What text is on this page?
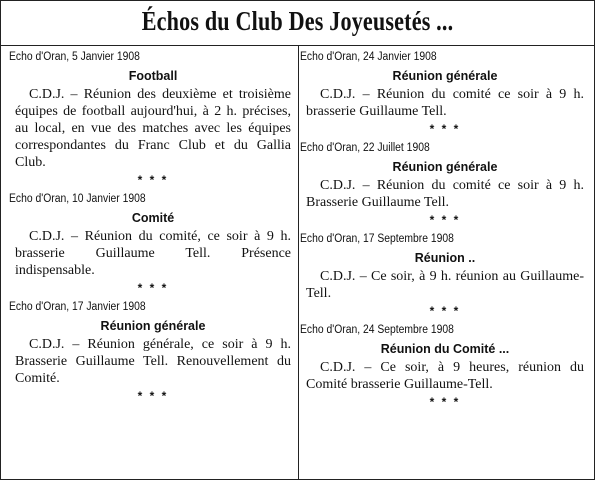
Échos du Club Des Joyeusetés ...
Echo d'Oran, 5 Janvier 1908
Football
C.D.J. – Réunion des deuxième et troisième équipes de football aujourd'hui, à 2 h. précises, au local, en vue des matches avec les équipes correspondantes du Franc Club et du Gallia Club.
* * *
Echo d'Oran, 10 Janvier 1908
Comité
C.D.J. – Réunion du comité, ce soir à 9 h. brasserie Guillaume Tell. Présence indispensable.
* * *
Echo d'Oran, 17 Janvier 1908
Réunion générale
C.D.J. – Réunion générale, ce soir à 9 h. Brasserie Guillaume Tell. Renouvellement du Comité.
* * *
Echo d'Oran, 24 Janvier 1908
Réunion générale
C.D.J. – Réunion du comité ce soir à 9 h. brasserie Guillaume Tell.
* * *
Echo d'Oran, 22 Juillet 1908
Réunion générale
C.D.J. – Réunion du comité ce soir à 9 h. Brasserie Guillaume Tell.
* * *
Echo d'Oran, 17 Septembre 1908
Réunion ..
C.D.J. – Ce soir, à 9 h. réunion au Guillaume-Tell.
* * *
Echo d'Oran, 24 Septembre 1908
Réunion du Comité ...
C.D.J. – Ce soir, à 9 heures, réunion du Comité brasserie Guillaume-Tell.
* * *
